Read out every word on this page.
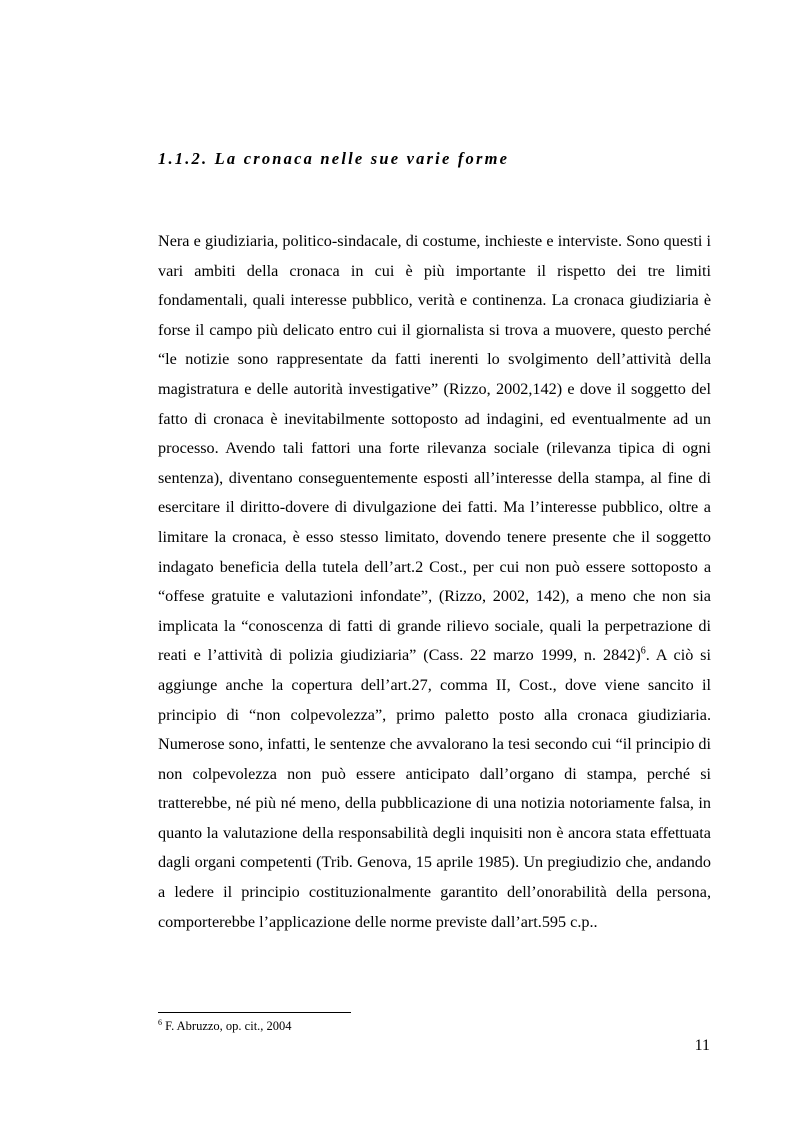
1.1.2. La cronaca nelle sue varie forme

Nera e giudiziaria, politico-sindacale, di costume, inchieste e interviste. Sono questi i vari ambiti della cronaca in cui è più importante il rispetto dei tre limiti fondamentali, quali interesse pubblico, verità e continenza. La cronaca giudiziaria è forse il campo più delicato entro cui il giornalista si trova a muovere, questo perché “le notizie sono rappresentate da fatti inerenti lo svolgimento dell’attività della magistratura e delle autorità investigative” (Rizzo, 2002,142) e dove il soggetto del fatto di cronaca è inevitabilmente sottoposto ad indagini, ed eventualmente ad un processo. Avendo tali fattori una forte rilevanza sociale (rilevanza tipica di ogni sentenza), diventano conseguentemente esposti all’interesse della stampa, al fine di esercitare il diritto-dovere di divulgazione dei fatti. Ma l’interesse pubblico, oltre a limitare la cronaca, è esso stesso limitato, dovendo tenere presente che il soggetto indagato beneficia della tutela dell’art.2 Cost., per cui non può essere sottoposto a “offese gratuite e valutazioni infondate”, (Rizzo, 2002, 142), a meno che non sia implicata la “conoscenza di fatti di grande rilievo sociale, quali la perpetrazione di reati e l’attività di polizia giudiziaria” (Cass. 22 marzo 1999, n. 2842)$^6$. A ciò si aggiunge anche la copertura dell’art.27, comma II, Cost., dove viene sancito il principio di “non colpevolezza”, primo paletto posto alla cronaca giudiziaria. Numerose sono, infatti, le sentenze che avvalorano la tesi secondo cui “il principio di non colpevolezza non può essere anticipato dall’organo di stampa, perché si tratterebbe, né più né meno, della pubblicazione di una notizia notoriamente falsa, in quanto la valutazione della responsabilità degli inquisiti non è ancora stata effettuata dagli organi competenti (Trib. Genova, 15 aprile 1985). Un pregiudizio che, andando a ledere il principio costituzionalmente garantito dell’onorabilità della persona, comporterebbe l’applicazione delle norme previste dall’art.595 c.p..

$^6$ F. Abruzzo, op. cit., 2004

11
